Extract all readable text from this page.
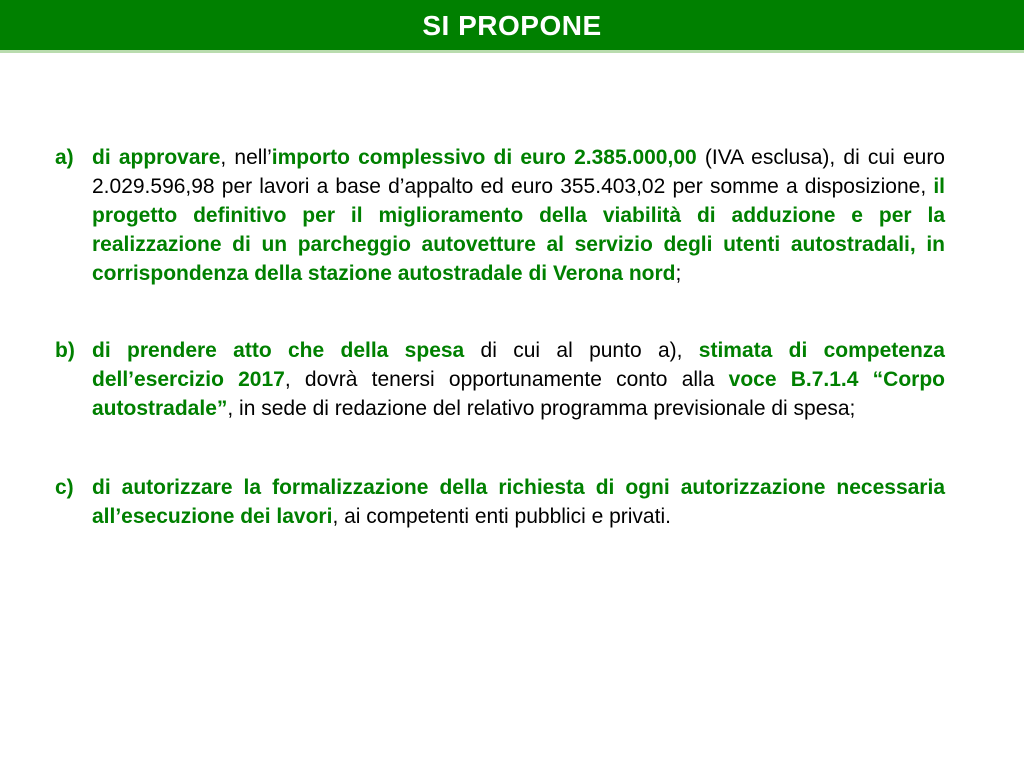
SI PROPONE
a) di approvare, nell’importo complessivo di euro 2.385.000,00 (IVA esclusa), di cui euro 2.029.596,98 per lavori a base d’appalto ed euro 355.403,02 per somme a disposizione, il progetto definitivo per il miglioramento della viabilità di adduzione e per la realizzazione di un parcheggio autovetture al servizio degli utenti autostradali, in corrispondenza della stazione autostradale di Verona nord;

b) di prendere atto che della spesa di cui al punto a), stimata di competenza dell’esercizio 2017, dovrà tenersi opportunamente conto alla voce B.7.1.4 “Corpo autostradale”, in sede di redazione del relativo programma previsionale di spesa;

c) di autorizzare la formalizzazione della richiesta di ogni autorizzazione necessaria all’esecuzione dei lavori, ai competenti enti pubblici e privati.
